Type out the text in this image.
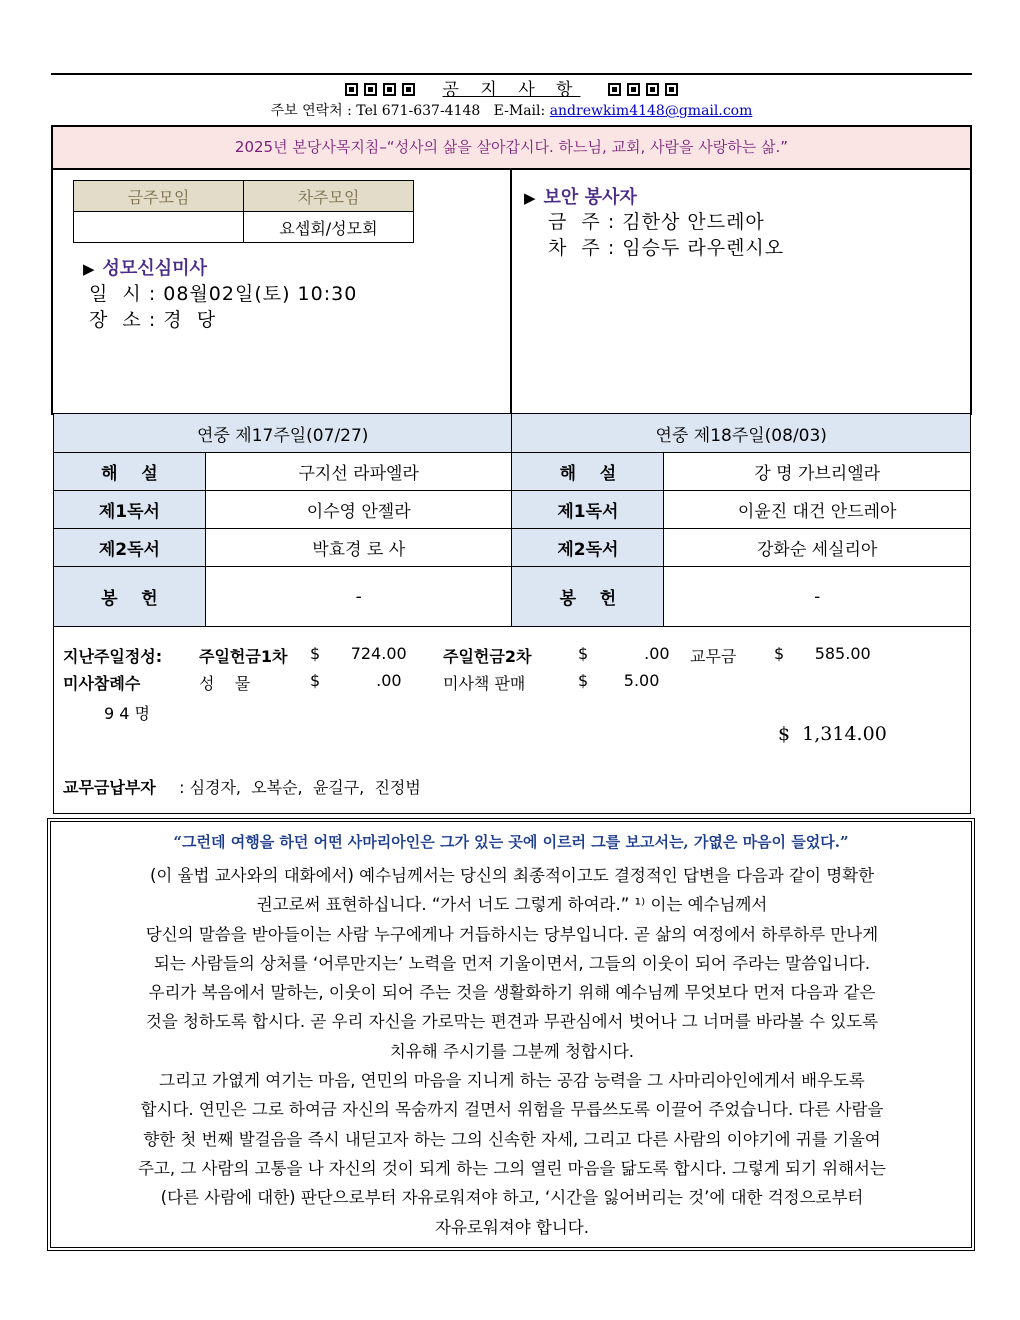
공 지 사 항
주보 연락처 : Tel 671-637-4148   E-Mail: andrewkim4148@gmail.com
2025년 본당사목지침–“성사의 삶을 살아갑시다. 하느님, 교회, 사람을 사랑하는 삶.”
금주모임	차주모임
	요셉회/성모회
▶ 성모신심미사
일  시 : 08월02일(토) 10:30
장  소 : 경  당
▶ 보안 봉사자
금  주 : 김한상 안드레아
차  주 : 임승두 라우렌시오
연중 제17주일(07/27)		연중 제18주일(08/03)	
해    설	구지선 라파엘라	해    설	강 명 가브리엘라
제1독서	이수영 안젤라	제1독서	이윤진 대건 안드레아
제2독서	박효경 로 사	제2독서	강화순 세실리아
봉    헌	-	봉    헌	-
지난주일정성: 주일헌금1차 $      724.00 주일헌금2차	$           .00 교무금 $      585.00
미사참례수	성    물	$           .00	미사책 판매	$       5.00
9 4 명
$  1,314.00
교무금납부자 : 심경자,  오복순,  윤길구,  진정범
“그런데 여행을 하던 어떤 사마리아인은 그가 있는 곳에 이르러 그를 보고서는, 가엾은 마음이 들었다.”

(이 율법 교사와의 대화에서) 예수님께서는 당신의 최종적이고도 결정적인 답변을 다음과 같이 명확한

권고로써 표현하십니다. “가서 너도 그렇게 하여라.” ¹⁾ 이는 예수님께서

당신의 말씀을 받아들이는 사람 누구에게나 거듭하시는 당부입니다. 곧 삶의 여정에서 하루하루 만나게

되는 사람들의 상처를 ‘어루만지는’ 노력을 먼저 기울이면서, 그들의 이웃이 되어 주라는 말씀입니다.

우리가 복음에서 말하는, 이웃이 되어 주는 것을 생활화하기 위해 예수님께 무엇보다 먼저 다음과 같은

것을 청하도록 합시다. 곧 우리 자신을 가로막는 편견과 무관심에서 벗어나 그 너머를 바라볼 수 있도록

치유해 주시기를 그분께 청합시다.

그리고 가엾게 여기는 마음, 연민의 마음을 지니게 하는 공감 능력을 그 사마리아인에게서 배우도록

합시다. 연민은 그로 하여금 자신의 목숨까지 걸면서 위험을 무릅쓰도록 이끌어 주었습니다. 다른 사람을

향한 첫 번째 발걸음을 즉시 내딛고자 하는 그의 신속한 자세, 그리고 다른 사람의 이야기에 귀를 기울여

주고, 그 사람의 고통을 나 자신의 것이 되게 하는 그의 열린 마음을 닮도록 합시다. 그렇게 되기 위해서는

(다른 사람에 대한) 판단으로부터 자유로워져야 하고, ‘시간을 잃어버리는 것’에 대한 걱정으로부터

자유로워져야 합니다.
